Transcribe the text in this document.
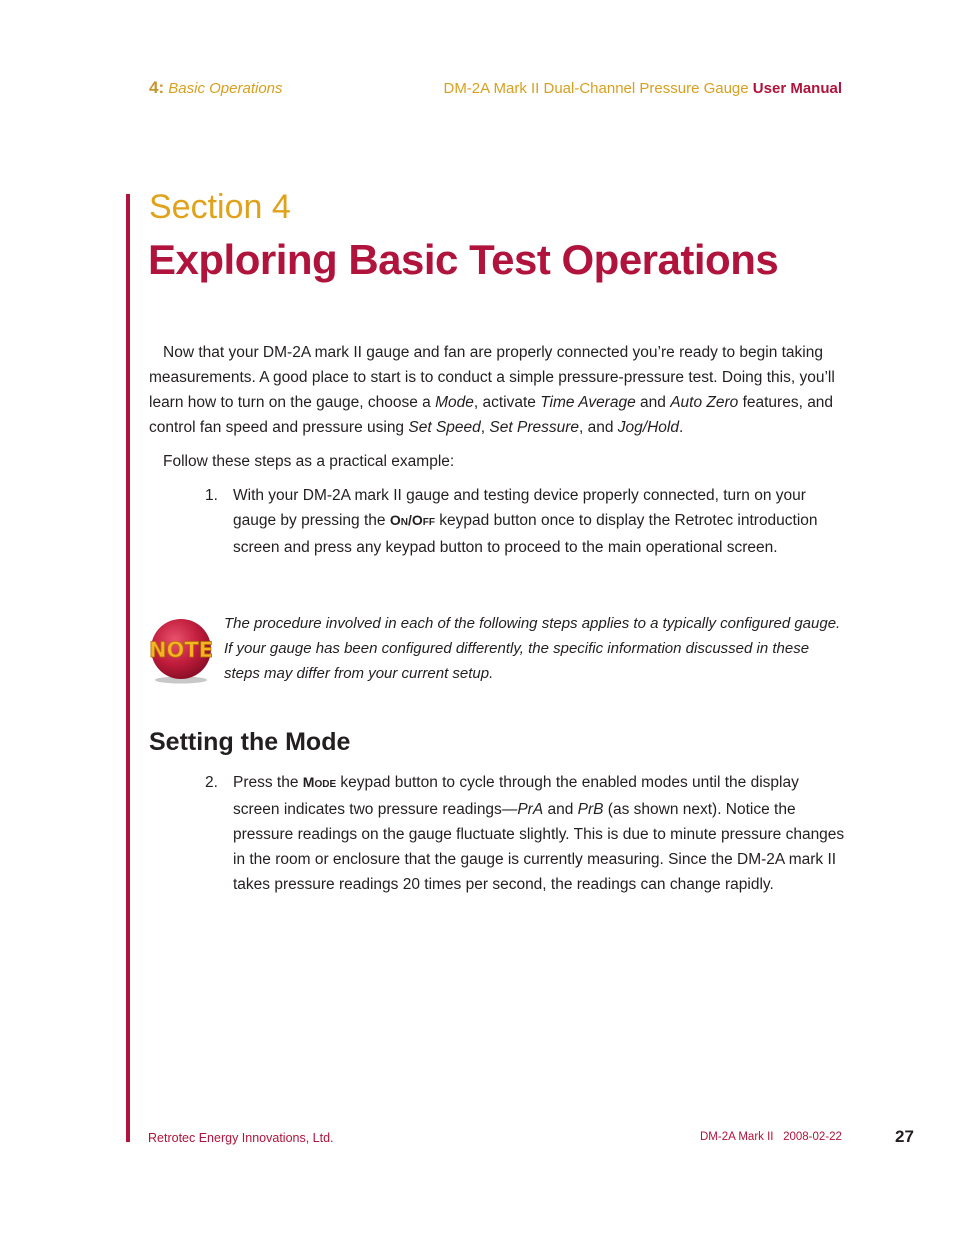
4: Basic Operations	DM-2A Mark II Dual-Channel Pressure Gauge User Manual
Section 4
Exploring Basic Test Operations

Now that your DM-2A mark II gauge and fan are properly connected you’re ready to begin taking measurements. A good place to start is to conduct a simple pressure-pressure test. Doing this, you’ll learn how to turn on the gauge, choose a Mode, activate Time Average and Auto Zero features, and control fan speed and pressure using Set Speed, Set Pressure, and Jog/Hold.

Follow these steps as a practical example:

1. With your DM-2A mark II gauge and testing device properly connected, turn on your gauge by pressing the ON/OFF keypad button once to display the Retrotec introduction screen and press any keypad button to proceed to the main operational screen.
NOTE
The procedure involved in each of the following steps applies to a typically configured gauge. If your gauge has been configured differently, the specific information discussed in these steps may differ from your current setup.
Setting the Mode
2. Press the MODE keypad button to cycle through the enabled modes until the display screen indicates two pressure readings—PrA and PrB (as shown next). Notice the pressure readings on the gauge fluctuate slightly. This is due to minute pressure changes in the room or enclosure that the gauge is currently measuring. Since the DM-2A mark II takes pressure readings 20 times per second, the readings can change rapidly.
Retrotec Energy Innovations, Ltd.	DM-2A Mark II 2008-02-22	27
